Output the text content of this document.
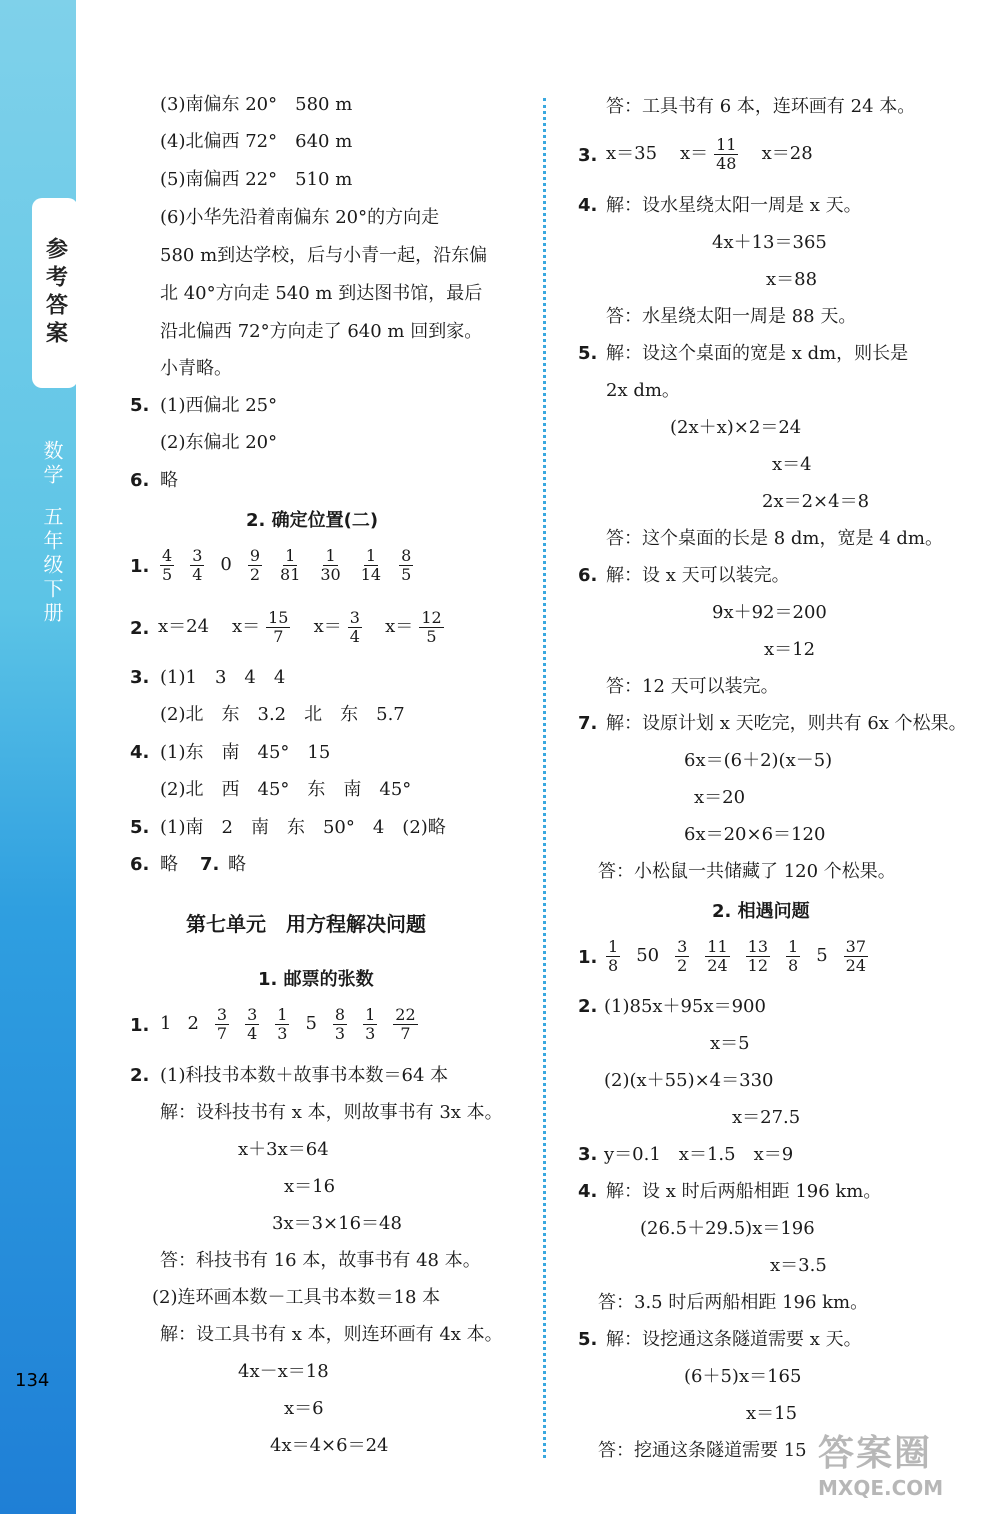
参考答案
数学五年级下册
(3)南偏东 20°　580 m
(4)北偏西 72°　640 m
(5)南偏西 22°　510 m
(6)小华先沿着南偏东 20°的方向走
580 m到达学校，后与小青一起，沿东偏
北 40°方向走 540 m 到达图书馆，最后
沿北偏西 72°方向走了 640 m 回到家。
小青略。
5. (1)西偏北 25°
(2)东偏北 20°
6. 略
2. 确定位置(二)
1. $\frac{4}{5} \frac{3}{4} 0 \frac{9}{2} \frac{1}{81} \frac{1}{30} \frac{1}{14} \frac{8}{5}$
2. x＝24 $x= \frac{15}{7} x= \frac{3}{4} x= \frac{12}{5}$
3. (1)1　3　4　4
(2)北　东　3.2　北　东　5.7
4. (1)东　南　45°　15
(2)北　西　45°　东　南　45°
5. (1)南　2　南　东　50°　4　(2)略
6. 略 7. 略
第七单元　用方程解决问题
1. 邮票的张数
1. 1 $2 \frac{3}{7} \frac{3}{4} \frac{1}{3} 5 \frac{8}{3} \frac{1}{3} \frac{22}{7}$
2. (1)科技书本数＋故事书本数＝64 本
解：设科技书有 x 本，则故事书有 3x 本。
x＋3x＝64
x＝16
3x＝3×16＝48
答：科技书有 16 本，故事书有 48 本。
(2)连环画本数－工具书本数＝18 本
解：设工具书有 x 本，则连环画有 4x 本。
4x－x＝18
x＝6
4x＝4×6＝24
答：工具书有 6 本，连环画有 24 本。
3. x＝35 $x= \frac{11}{48} x=28$
4. 解：设水星绕太阳一周是 x 天。
4x＋13＝365
x＝88
答：水星绕太阳一周是 88 天。
5. 解：设这个桌面的宽是 x dm，则长是
2x dm。
(2x＋x)×2＝24
x＝4
2x＝2×4＝8
答：这个桌面的长是 8 dm，宽是 4 dm。
6. 解：设 x 天可以装完。
9x＋92＝200
x＝12
答：12 天可以装完。
7. 解：设原计划 x 天吃完，则共有 6x 个松果。
6x＝(6＋2)(x－5)
x＝20
6x＝20×6＝120
答：小松鼠一共储藏了 120 个松果。
2. 相遇问题
1. $\frac{1}{8} 50 \frac{3}{2} \frac{11}{24} \frac{13}{12} \frac{1}{8} 5 \frac{37}{24}$
2. (1)85x＋95x＝900
x＝5
(2)(x＋55)×4＝330
x＝27.5
3. y＝0.1　x＝1.5　x＝9
4. 解：设 x 时后两船相距 196 km。
(26.5＋29.5)x＝196
x＝3.5
答：3.5 时后两船相距 196 km。
5. 解：设挖通这条隧道需要 x 天。
(6＋5)x＝165
x＝15
答：挖通这条隧道需要 15
134
答案圈
MXQE.COM
